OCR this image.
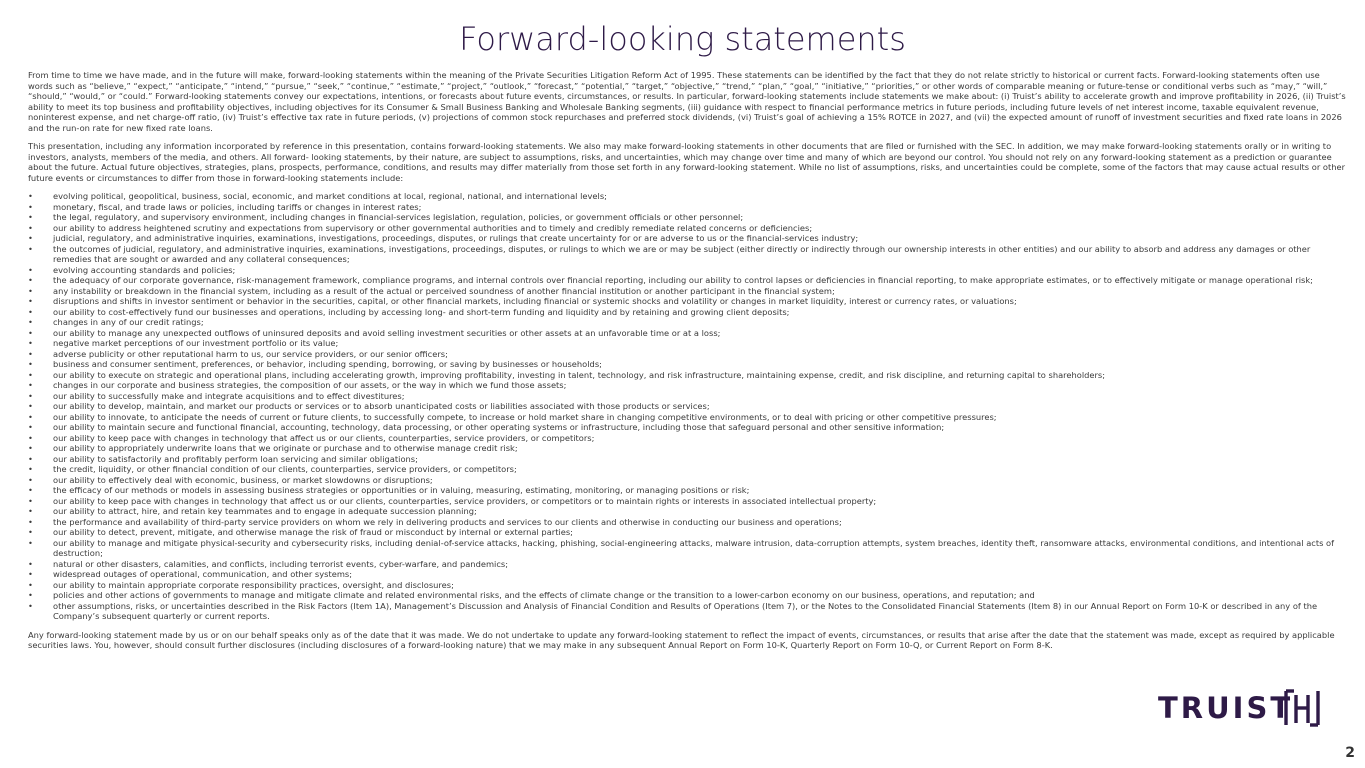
Forward-looking statements

From time to time we have made, and in the future will make, forward-looking statements within the meaning of the Private Securities Litigation Reform Act of 1995. These statements can be identified by the fact that they do not relate strictly to historical or current facts. Forward-looking statements often use words such as “believe,” “expect,” “anticipate,” “intend,” “pursue,” “seek,” “continue,” “estimate,” “project,” “outlook,” “forecast,” “potential,” “target,” “objective,” “trend,” “plan,” “goal,” “initiative,” “priorities,” or other words of comparable meaning or future-tense or conditional verbs such as “may,” “will,” “should,” “would,” or “could.” Forward-looking statements convey our expectations, intentions, or forecasts about future events, circumstances, or results. In particular, forward-looking statements include statements we make about: (i) Truist’s ability to accelerate growth and improve profitability in 2026, (ii) Truist’s ability to meet its top business and profitability objectives, including objectives for its Consumer & Small Business Banking and Wholesale Banking segments, (iii) guidance with respect to financial performance metrics in future periods, including future levels of net interest income, taxable equivalent revenue, noninterest expense, and net charge-off ratio, (iv) Truist’s effective tax rate in future periods, (v) projections of common stock repurchases and preferred stock dividends, (vi) Truist’s goal of achieving a 15% ROTCE in 2027, and (vii) the expected amount of runoff of investment securities and fixed rate loans in 2026 and the run-on rate for new fixed rate loans.

This presentation, including any information incorporated by reference in this presentation, contains forward-looking statements. We also may make forward-looking statements in other documents that are filed or furnished with the SEC. In addition, we may make forward-looking statements orally or in writing to investors, analysts, members of the media, and others. All forward- looking statements, by their nature, are subject to assumptions, risks, and uncertainties, which may change over time and many of which are beyond our control. You should not rely on any forward-looking statement as a prediction or guarantee about the future. Actual future objectives, strategies, plans, prospects, performance, conditions, and results may differ materially from those set forth in any forward-looking statement. While no list of assumptions, risks, and uncertainties could be complete, some of the factors that may cause actual results or other future events or circumstances to differ from those in forward-looking statements include:

• evolving political, geopolitical, business, social, economic, and market conditions at local, regional, national, and international levels;
• monetary, fiscal, and trade laws or policies, including tariffs or changes in interest rates;
• the legal, regulatory, and supervisory environment, including changes in financial-services legislation, regulation, policies, or government officials or other personnel;
• our ability to address heightened scrutiny and expectations from supervisory or other governmental authorities and to timely and credibly remediate related concerns or deficiencies;
• judicial, regulatory, and administrative inquiries, examinations, investigations, proceedings, disputes, or rulings that create uncertainty for or are adverse to us or the financial-services industry;
• the outcomes of judicial, regulatory, and administrative inquiries, examinations, investigations, proceedings, disputes, or rulings to which we are or may be subject (either directly or indirectly through our ownership interests in other entities) and our ability to absorb and address any damages or other remedies that are sought or awarded and any collateral consequences;
• evolving accounting standards and policies;
• the adequacy of our corporate governance, risk-management framework, compliance programs, and internal controls over financial reporting, including our ability to control lapses or deficiencies in financial reporting, to make appropriate estimates, or to effectively mitigate or manage operational risk;
• any instability or breakdown in the financial system, including as a result of the actual or perceived soundness of another financial institution or another participant in the financial system;
• disruptions and shifts in investor sentiment or behavior in the securities, capital, or other financial markets, including financial or systemic shocks and volatility or changes in market liquidity, interest or currency rates, or valuations;
• our ability to cost-effectively fund our businesses and operations, including by accessing long- and short-term funding and liquidity and by retaining and growing client deposits;
• changes in any of our credit ratings;
• our ability to manage any unexpected outflows of uninsured deposits and avoid selling investment securities or other assets at an unfavorable time or at a loss;
• negative market perceptions of our investment portfolio or its value;
• adverse publicity or other reputational harm to us, our service providers, or our senior officers;
• business and consumer sentiment, preferences, or behavior, including spending, borrowing, or saving by businesses or households;
• our ability to execute on strategic and operational plans, including accelerating growth, improving profitability, investing in talent, technology, and risk infrastructure, maintaining expense, credit, and risk discipline, and returning capital to shareholders;
• changes in our corporate and business strategies, the composition of our assets, or the way in which we fund those assets;
• our ability to successfully make and integrate acquisitions and to effect divestitures;
• our ability to develop, maintain, and market our products or services or to absorb unanticipated costs or liabilities associated with those products or services;
• our ability to innovate, to anticipate the needs of current or future clients, to successfully compete, to increase or hold market share in changing competitive environments, or to deal with pricing or other competitive pressures;
• our ability to maintain secure and functional financial, accounting, technology, data processing, or other operating systems or infrastructure, including those that safeguard personal and other sensitive information;
• our ability to keep pace with changes in technology that affect us or our clients, counterparties, service providers, or competitors;
• our ability to appropriately underwrite loans that we originate or purchase and to otherwise manage credit risk;
• our ability to satisfactorily and profitably perform loan servicing and similar obligations;
• the credit, liquidity, or other financial condition of our clients, counterparties, service providers, or competitors;
• our ability to effectively deal with economic, business, or market slowdowns or disruptions;
• the efficacy of our methods or models in assessing business strategies or opportunities or in valuing, measuring, estimating, monitoring, or managing positions or risk;
• our ability to keep pace with changes in technology that affect us or our clients, counterparties, service providers, or competitors or to maintain rights or interests in associated intellectual property;
• our ability to attract, hire, and retain key teammates and to engage in adequate succession planning;
• the performance and availability of third-party service providers on whom we rely in delivering products and services to our clients and otherwise in conducting our business and operations;
• our ability to detect, prevent, mitigate, and otherwise manage the risk of fraud or misconduct by internal or external parties;
• our ability to manage and mitigate physical-security and cybersecurity risks, including denial-of-service attacks, hacking, phishing, social-engineering attacks, malware intrusion, data-corruption attempts, system breaches, identity theft, ransomware attacks, environmental conditions, and intentional acts of destruction;
• natural or other disasters, calamities, and conflicts, including terrorist events, cyber-warfare, and pandemics;
• widespread outages of operational, communication, and other systems;
• our ability to maintain appropriate corporate responsibility practices, oversight, and disclosures;
• policies and other actions of governments to manage and mitigate climate and related environmental risks, and the effects of climate change or the transition to a lower-carbon economy on our business, operations, and reputation; and
• other assumptions, risks, or uncertainties described in the Risk Factors (Item 1A), Management’s Discussion and Analysis of Financial Condition and Results of Operations (Item 7), or the Notes to the Consolidated Financial Statements (Item 8) in our Annual Report on Form 10-K or described in any of the Company’s subsequent quarterly or current reports.

Any forward-looking statement made by us or on our behalf speaks only as of the date that it was made. We do not undertake to update any forward-looking statement to reflect the impact of events, circumstances, or results that arise after the date that the statement was made, except as required by applicable securities laws. You, however, should consult further disclosures (including disclosures of a forward-looking nature) that we may make in any subsequent Annual Report on Form 10-K, Quarterly Report on Form 10-Q, or Current Report on Form 8-K.

TRUIST
2
